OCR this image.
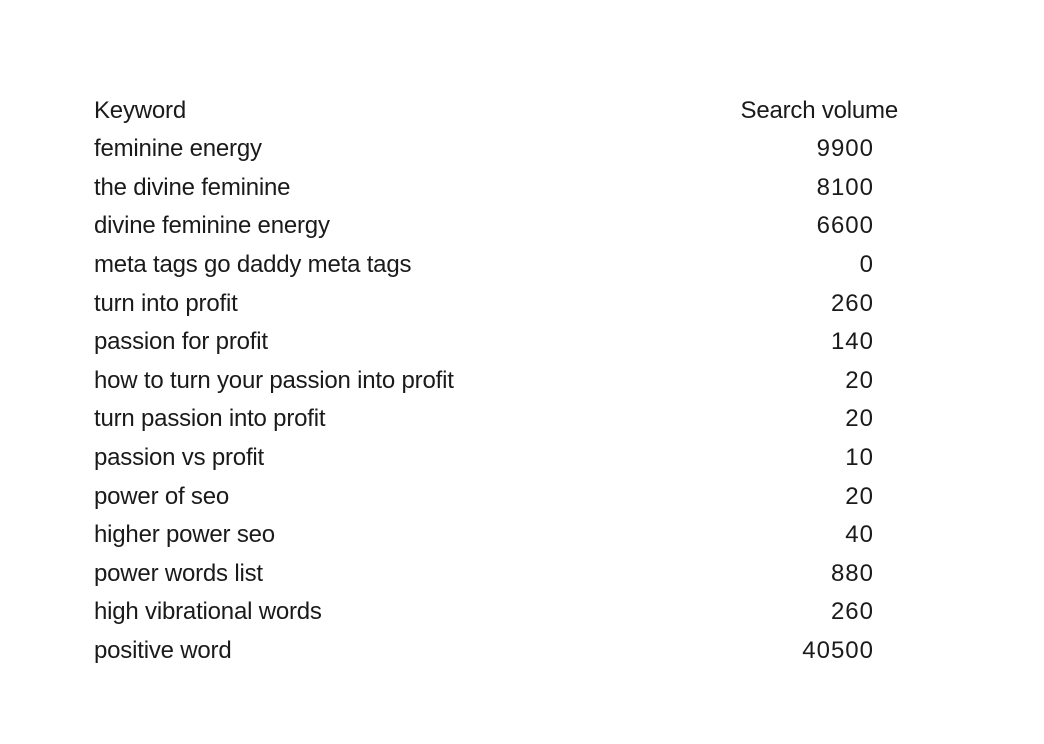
Keyword	Search volume
feminine energy	9900
the divine feminine	8100
divine feminine energy	6600
meta tags go daddy meta tags	0
turn into profit	260
passion for profit	140
how to turn your passion into profit	20
turn passion into profit	20
passion vs profit	10
power of seo	20
higher power seo	40
power words list	880
high vibrational words	260
positive word	40500
